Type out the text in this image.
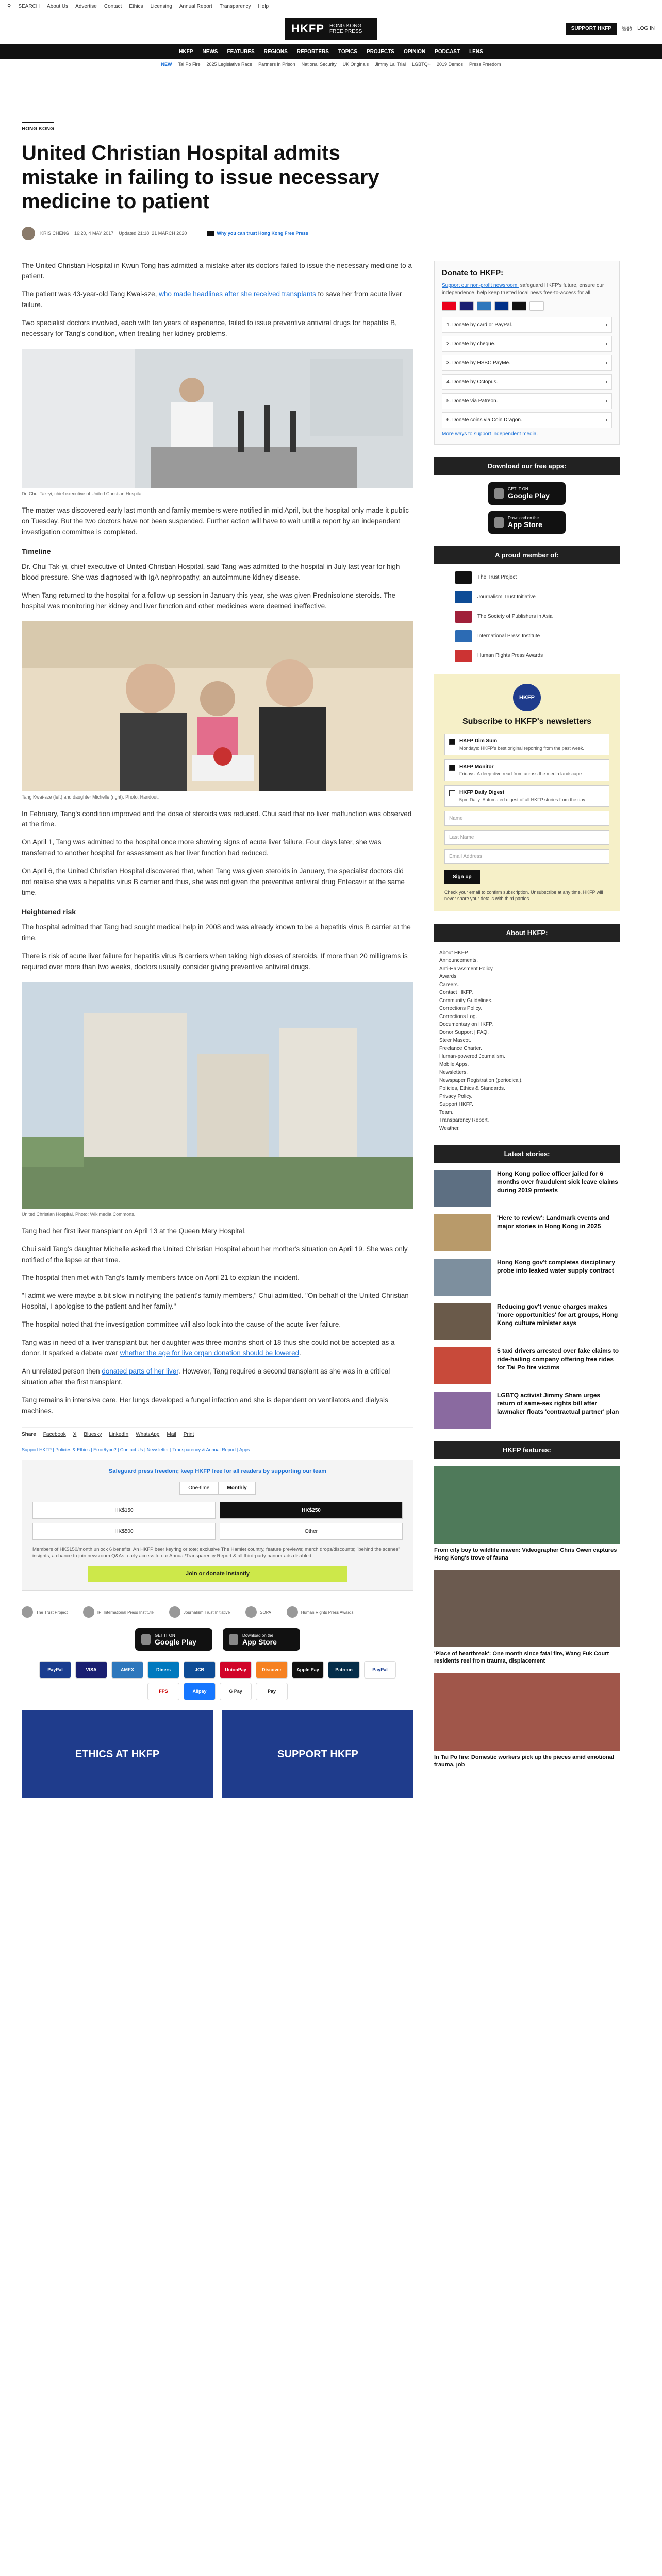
⚲ SEARCH About Us Advertise Contact Ethics Licensing Annual Report Transparency Help
HKFP HONG KONG FREE PRESS	SUPPORT HKFP	繁體 LOG IN
HKFP NEWS FEATURES REGIONS REPORTERS TOPICS PROJECTS OPINION PODCAST LENS
NEW Tai Po Fire 2025 Legislative Race Partners in Prison National Security UK Originals Jimmy Lai Trial LGBTQ+ 2019 Demos Press Freedom
HONG KONG
United Christian Hospital admits mistake in failing to issue necessary medicine to patient
KRIS CHENG 16:20, 4 MAY 2017 Updated 21:18, 21 MARCH 2020	Why you can trust Hong Kong Free Press

The United Christian Hospital in Kwun Tong has admitted a mistake after its doctors failed to issue the necessary medicine to a patient.

The patient was 43-year-old Tang Kwai-sze, who made headlines after she received transplants to save her from acute liver failure.

Two specialist doctors involved, each with ten years of experience, failed to issue preventive antiviral drugs for hepatitis B, necessary for Tang's condition, when treating her kidney problems.

Dr. Chui Tak-yi, chief executive of United Christian Hospital.

The matter was discovered early last month and family members were notified in mid April, but the hospital only made it public on Tuesday. But the two doctors have not been suspended. Further action will have to wait until a report by an independent investigation committee is completed.

Timeline

Dr. Chui Tak-yi, chief executive of United Christian Hospital, said Tang was admitted to the hospital in July last year for high blood pressure. She was diagnosed with IgA nephropathy, an autoimmune kidney disease.

When Tang returned to the hospital for a follow-up session in January this year, she was given Prednisolone steroids. The hospital was monitoring her kidney and liver function and other medicines were deemed ineffective.

Tang Kwai-sze (left) and daughter Michelle (right). Photo: Handout.

In February, Tang's condition improved and the dose of steroids was reduced. Chui said that no liver malfunction was observed at the time.

On April 1, Tang was admitted to the hospital once more showing signs of acute liver failure. Four days later, she was transferred to another hospital for assessment as her liver function had reduced.

On April 6, the United Christian Hospital discovered that, when Tang was given steroids in January, the specialist doctors did not realise she was a hepatitis virus B carrier and thus, she was not given the preventive antiviral drug Entecavir at the same time.

Heightened risk

The hospital admitted that Tang had sought medical help in 2008 and was already known to be a hepatitis virus B carrier at the time.

There is risk of acute liver failure for hepatitis virus B carriers when taking high doses of steroids. If more than 20 milligrams is required over more than two weeks, doctors usually consider giving preventive antiviral drugs.

United Christian Hospital. Photo: Wikimedia Commons.

Tang had her first liver transplant on April 13 at the Queen Mary Hospital.

Chui said Tang's daughter Michelle asked the United Christian Hospital about her mother's situation on April 19. She was only notified of the lapse at that time.

The hospital then met with Tang's family members twice on April 21 to explain the incident.

"I admit we were maybe a bit slow in notifying the patient's family members," Chui admitted. "On behalf of the United Christian Hospital, I apologise to the patient and her family."

The hospital noted that the investigation committee will also look into the cause of the acute liver failure.

Tang was in need of a liver transplant but her daughter was three months short of 18 thus she could not be accepted as a donor. It sparked a debate over whether the age for live organ donation should be lowered.

An unrelated person then donated parts of her liver. However, Tang required a second transplant as she was in a critical situation after the first transplant.

Tang remains in intensive care. Her lungs developed a fungal infection and she is dependent on ventilators and dialysis machines.

Share Facebook X Bluesky LinkedIn WhatsApp Mail Print
Support HKFP | Policies & Ethics | Error/typo? | Contact Us | Newsletter | Transparency & Annual Report | Apps
Safeguard press freedom; keep HKFP free for all readers by supporting our team
One-time	Monthly
HK$150	HK$250
HK$500	Other
Members of HK$150/month unlock 6 benefits: An HKFP beer keyring or tote; exclusive The Hamlet country, feature previews; merch drops/discounts; "behind the scenes" insights; a chance to join newsroom Q&As; early access to our Annual/Transparency Report & all third-party banner ads disabled.
Join or donate instantly
The Trust Project	IPI International Press Institute	Journalism Trust Initiative	SOPA	Human Rights Press Awards
GET IT ON
Google Play
Download on the
App Store
PayPal	VISA	AMEX	Diners	JCB	UnionPay	Discover	Apple Pay	Patreon	PayPal
FPS	Alipay	G Pay	Pay
ETHICS AT HKFP	SUPPORT HKFP
Donate to HKFP:

Support our non-profit newsroom: safeguard HKFP's future, ensure our independence, help keep trusted local news free-to-access for all.

1. Donate by card or PayPal.	›
2. Donate by cheque.	›
3. Donate by HSBC PayMe.	›
4. Donate by Octopus.	›
5. Donate via Patreon.	›
6. Donate coins via Coin Dragon.	›
More ways to support independent media.
Download our free apps:
GET IT ON
Google Play
Download on the
App Store
A proud member of:
The Trust Project
Journalism Trust Initiative
The Society of Publishers in Asia
International Press Institute
Human Rights Press Awards
HKFP
Subscribe to HKFP's newsletters
HKFP Dim Sum
Mondays: HKFP's best original reporting from the past week.
HKFP Monitor
Fridays: A deep-dive read from across the media landscape.
HKFP Daily Digest
5pm Daily: Automated digest of all HKFP stories from the day.
Name
Last Name
Email Address
Sign up
Check your email to confirm subscription. Unsubscribe at any time. HKFP will never share your details with third parties.
About HKFP:
About HKFP.
Announcements.
Anti-Harassment Policy.
Awards.
Careers.
Contact HKFP.
Community Guidelines.
Corrections Policy.
Corrections Log.
Documentary on HKFP.
Donor Support | FAQ.
Steer Mascot.
Freelance Charter.
Human-powered Journalism.
Mobile Apps.
Newsletters.
Newspaper Registration (periodical).
Policies, Ethics & Standards.
Privacy Policy.
Support HKFP.
Team.
Transparency Report.
Weather.
Latest stories:
Hong Kong police officer jailed for 6 months over fraudulent sick leave claims during 2019 protests
'Here to review': Landmark events and major stories in Hong Kong in 2025
Hong Kong gov't completes disciplinary probe into leaked water supply contract
Reducing gov't venue charges makes 'more opportunities' for art groups, Hong Kong culture minister says
5 taxi drivers arrested over fake claims to ride-hailing company offering free rides for Tai Po fire victims
LGBTQ activist Jimmy Sham urges return of same-sex rights bill after lawmaker floats 'contractual partner' plan
HKFP features:
From city boy to wildlife maven: Videographer Chris Owen captures Hong Kong's trove of fauna
'Place of heartbreak': One month since fatal fire, Wang Fuk Court residents reel from trauma, displacement
In Tai Po fire: Domestic workers pick up the pieces amid emotional trauma, job
